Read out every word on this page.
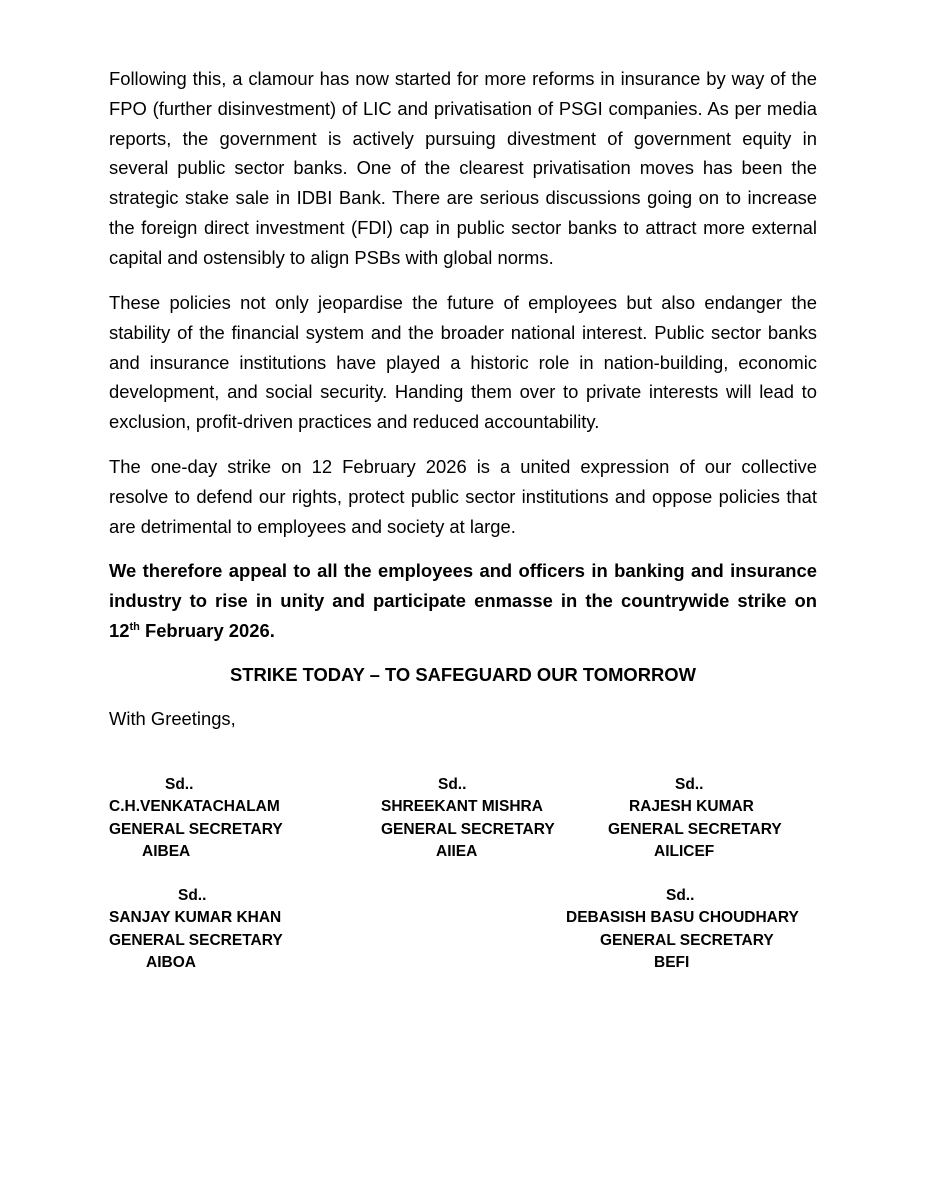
Following this, a clamour has now started for more reforms in insurance by way of the FPO (further disinvestment) of LIC and privatisation of PSGI companies. As per media reports, the government is actively pursuing divestment of government equity in several public sector banks. One of the clearest privatisation moves has been the strategic stake sale in IDBI Bank. There are serious discussions going on to increase the foreign direct investment (FDI) cap in public sector banks to attract more external capital and ostensibly to align PSBs with global norms.

These policies not only jeopardise the future of employees but also endanger the stability of the financial system and the broader national interest. Public sector banks and insurance institutions have played a historic role in nation-building, economic development, and social security. Handing them over to private interests will lead to exclusion, profit-driven practices and reduced accountability.

The one-day strike on 12 February 2026 is a united expression of our collective resolve to defend our rights, protect public sector institutions and oppose policies that are detrimental to employees and society at large.

We therefore appeal to all the employees and officers in banking and insurance industry to rise in unity and participate enmasse in the countrywide strike on 12th February 2026.

STRIKE TODAY – TO SAFEGUARD OUR TOMORROW

With Greetings,

Sd..
C.H.VENKATACHALAM
GENERAL SECRETARY
AIBEA
Sd..
SHREEKANT MISHRA
GENERAL SECRETARY
AIIEA
Sd..
RAJESH KUMAR
GENERAL SECRETARY
AILICEF
Sd..
SANJAY KUMAR KHAN
GENERAL SECRETARY
AIBOA
Sd..
DEBASISH BASU CHOUDHARY
GENERAL SECRETARY
BEFI
